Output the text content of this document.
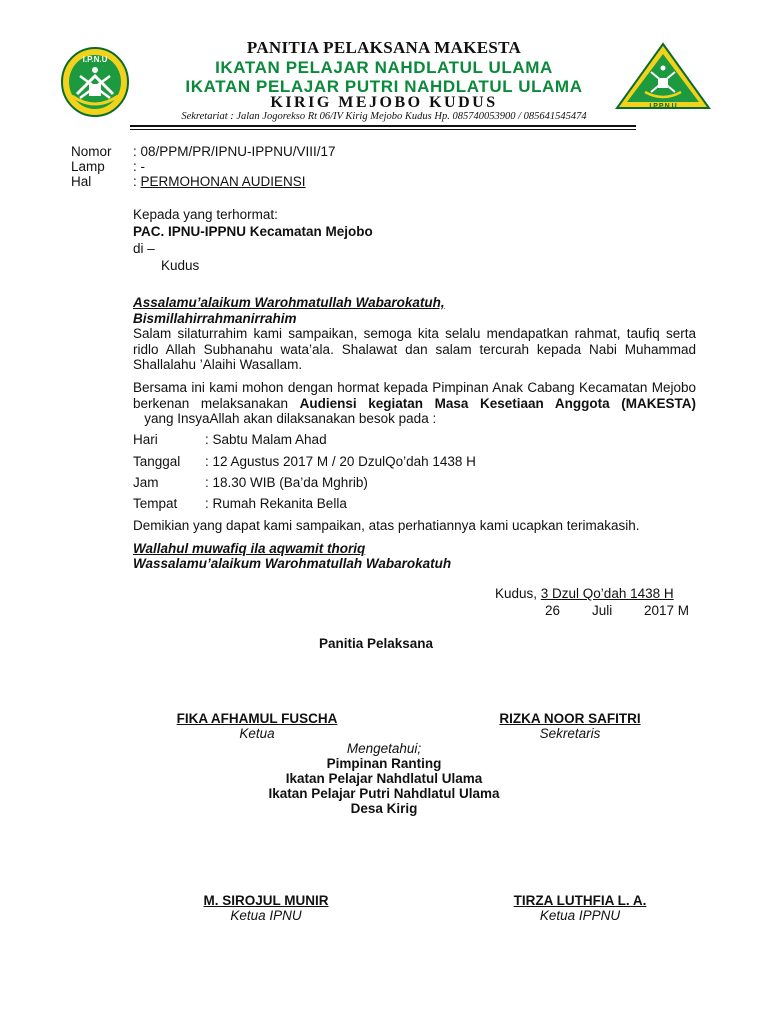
I.P.N.U
I.P.P.N.U
PANITIA PELAKSANA MAKESTA
IKATAN PELAJAR NAHDLATUL ULAMA
IKATAN PELAJAR PUTRI NAHDLATUL ULAMA
KIRIG MEJOBO KUDUS
Sekretariat : Jalan Jogorekso Rt 06/IV Kirig Mejobo Kudus Hp. 085740053900 / 085641545474
Nomor : 08/PPM/PR/IPNU-IPPNU/VIII/17
Lamp : -
Hal	: PERMOHONAN AUDIENSI
Kepada yang terhormat:
PAC. IPNU-IPPNU Kecamatan Mejobo
di –
Kudus
Assalamu’alaikum Warohmatullah Wabarokatuh,
Bismillahirrahmanirrahim
Salam silaturrahim kami sampaikan, semoga kita selalu mendapatkan rahmat, taufiq serta ridlo Allah Subhanahu wata’ala. Shalawat dan salam tercurah kepada Nabi Muhammad Shallalahu ’Alaihi Wasallam.
Bersama ini kami mohon dengan hormat kepada Pimpinan Anak Cabang Kecamatan Mejobo berkenan melaksanakan Audiensi kegiatan Masa Kesetiaan Anggota (MAKESTA)   yang InsyaAllah akan dilaksanakan besok pada :
Hari	: Sabtu Malam Ahad
Tanggal : 12 Agustus 2017 M / 20 DzulQo’dah 1438 H
Jam	: 18.30 WIB (Ba’da Mghrib)
Tempat : Rumah Rekanita Bella
Demikian yang dapat kami sampaikan, atas perhatiannya kami ucapkan terimakasih.
Wallahul muwafiq ila aqwamit thoriq
Wassalamu’alaikum Warohmatullah Wabarokatuh
Kudus, 3 Dzul Qo’dah 1438 H
26 Juli 2017 M
Panitia Pelaksana
FIKA AFHAMUL FUSCHA
Ketua
RIZKA NOOR SAFITRI
Sekretaris
Mengetahui;
Pimpinan Ranting
Ikatan Pelajar Nahdlatul Ulama
Ikatan Pelajar Putri Nahdlatul Ulama
Desa Kirig
M. SIROJUL MUNIR
Ketua IPNU
TIRZA LUTHFIA L. A.
Ketua IPPNU
